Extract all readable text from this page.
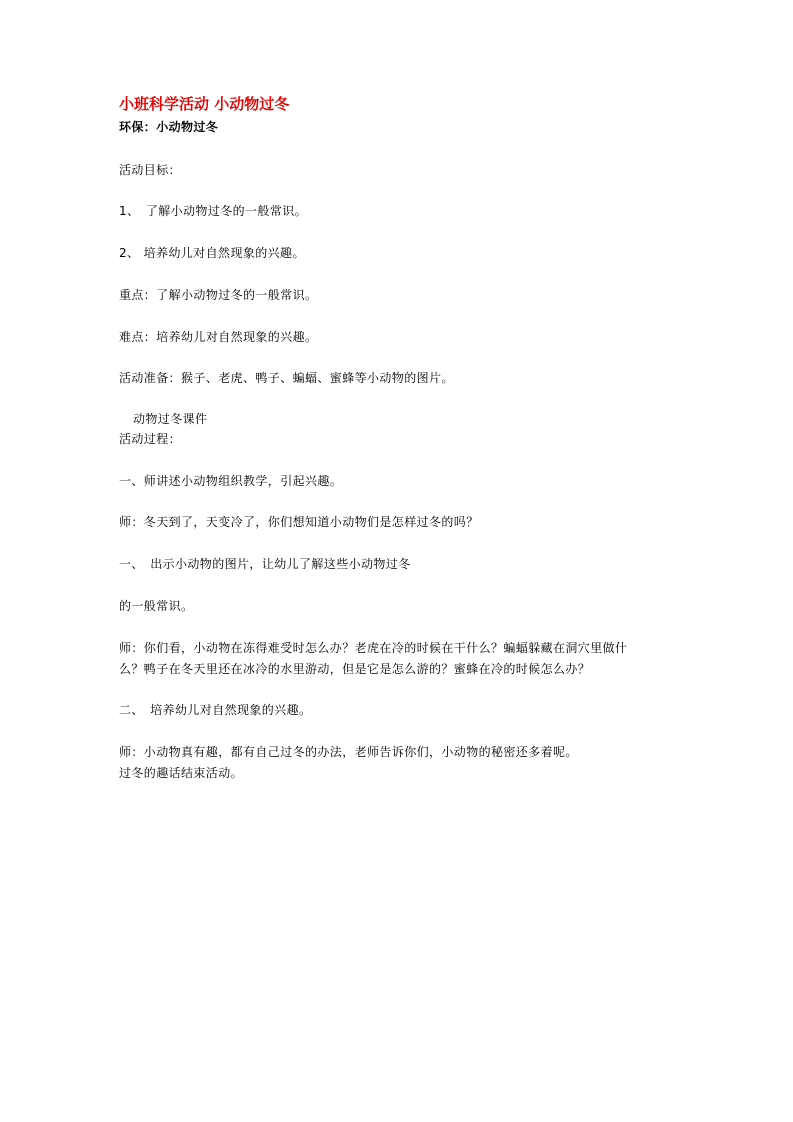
小班科学活动 小动物过冬
环保：小动物过冬
活动目标：
1、　了解小动物过冬的一般常识。
2、 培养幼儿对自然现象的兴趣。
重点：了解小动物过冬的一般常识。
难点：培养幼儿对自然现象的兴趣。
活动准备：猴子、老虎、鸭子、蝙蝠、蜜蜂等小动物的图片。
动物过冬课件
活动过程：
一、师讲述小动物组织教学，引起兴趣。
师：冬天到了，天变冷了，你们想知道小动物们是怎样过冬的吗？
一、　出示小动物的图片，让幼儿了解这些小动物过冬
的一般常识。
师：你们看，小动物在冻得难受时怎么办？老虎在冷的时候在干什么？蝙蝠躲藏在洞穴里做什
么？鸭子在冬天里还在冰冷的水里游动，但是它是怎么游的？蜜蜂在冷的时候怎么办？
二、　培养幼儿对自然现象的兴趣。
师：小动物真有趣，都有自己过冬的办法，老师告诉你们，小动物的秘密还多着呢。
过冬的趣话结束活动。
